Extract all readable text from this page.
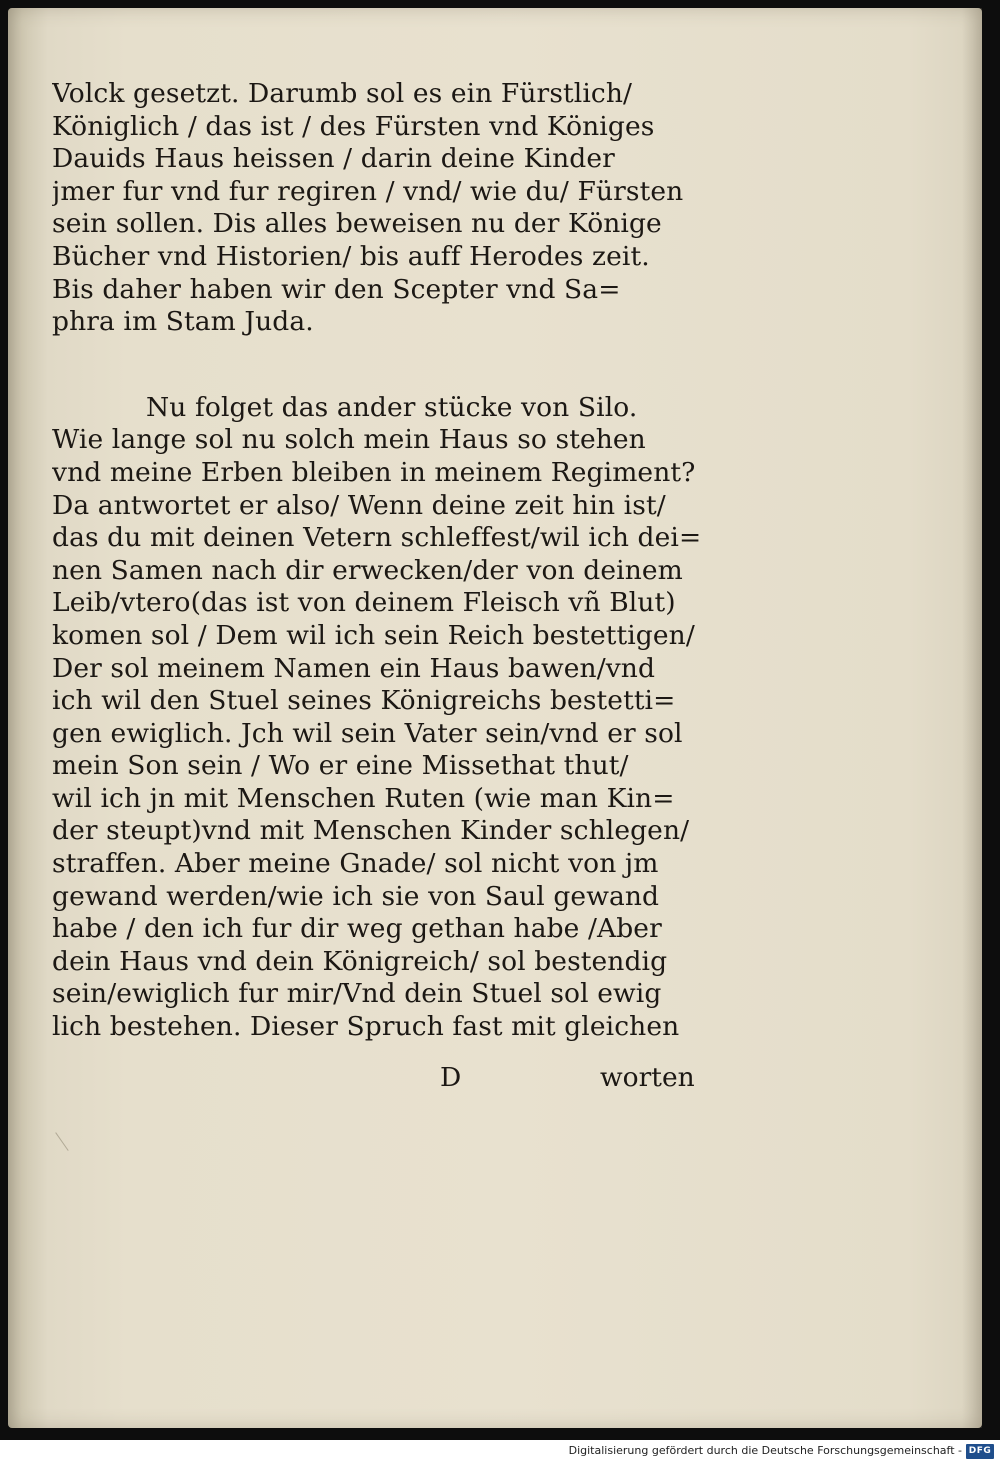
Volck gesetzt. Darumb sol es ein Fürstlich/
Königlich / das ist / des Fürsten vnd Königes
Dauids Haus heissen / darin deine Kinder
jmer fur vnd fur regiren / vnd/ wie du/ Fürsten
sein sollen. Dis alles beweisen nu der Könige
Bücher vnd Historien/ bis auff Herodes zeit.
Bis daher haben wir den Scepter vnd Sa=
phra im Stam Juda.
Nu folget das ander stücke von Silo.
Wie lange sol nu solch mein Haus so stehen
vnd meine Erben bleiben in meinem Regiment?
Da antwortet er also/ Wenn deine zeit hin ist/
das du mit deinen Vetern schleffest/wil ich dei=
nen Samen nach dir erwecken/der von deinem
Leib/vtero(das ist von deinem Fleisch vñ Blut)
komen sol / Dem wil ich sein Reich bestettigen/
Der sol meinem Namen ein Haus bawen/vnd
ich wil den Stuel seines Königreichs bestetti=
gen ewiglich. Jch wil sein Vater sein/vnd er sol
mein Son sein / Wo er eine Missethat thut/
wil ich jn mit Menschen Ruten (wie man Kin=
der steupt)vnd mit Menschen Kinder schlegen/
straffen. Aber meine Gnade/ sol nicht von jm
gewand werden/wie ich sie von Saul gewand
habe / den ich fur dir weg gethan habe /Aber
dein Haus vnd dein Königreich/ sol bestendig
sein/ewiglich fur mir/Vnd dein Stuel sol ewig
lich bestehen. Dieser Spruch fast mit gleichen
D	worten
Digitalisierung gefördert durch die Deutsche Forschungsgemeinschaft - DFG
